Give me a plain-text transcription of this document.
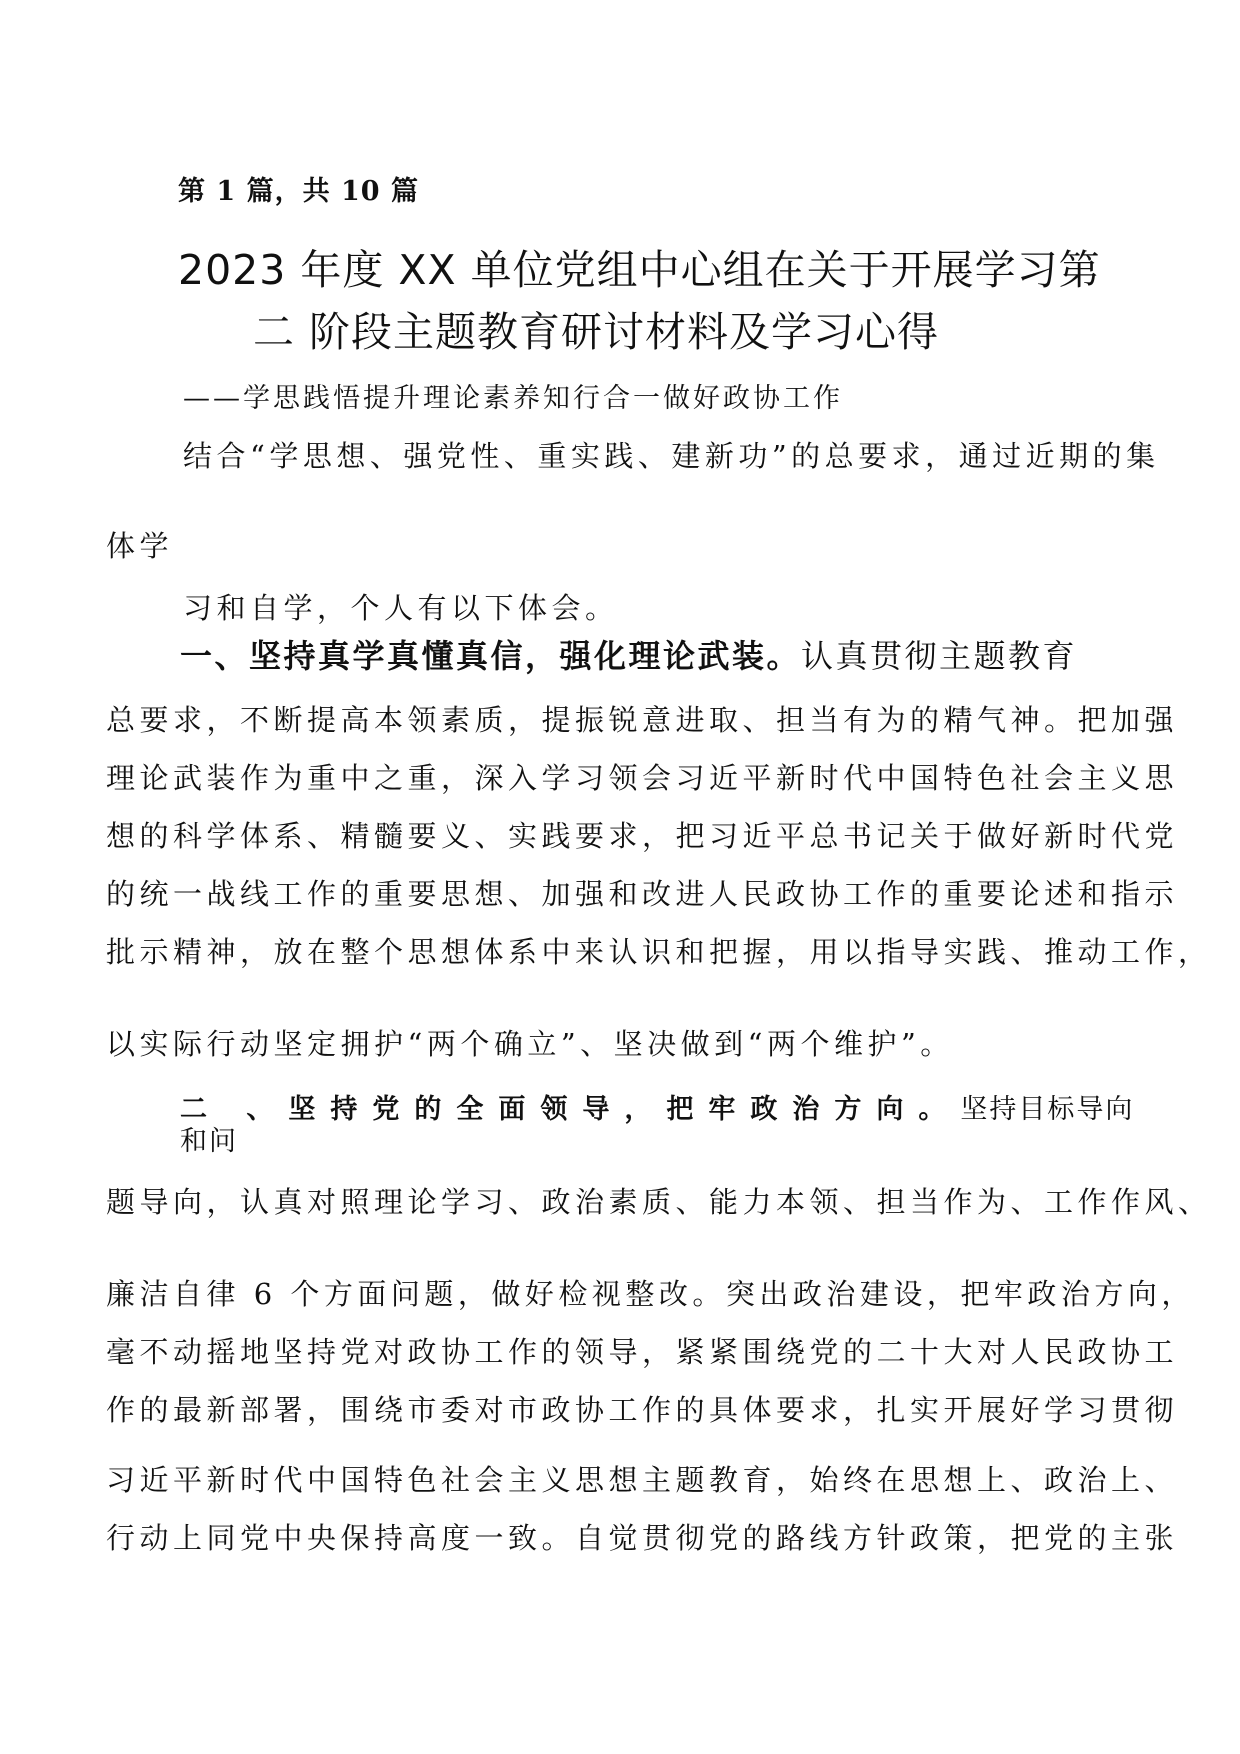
第 1 篇，共 10 篇

2023 年度 XX 单位党组中心组在关于开展学习第
二 阶段主题教育研讨材料及学习心得

——学思践悟提升理论素养知行合一做好政协工作

结合“学思想、强党性、重实践、建新功”的总要求，通过近期的集

体学

习和自学，个人有以下体会。

一、坚持真学真懂真信，强化理论武装。认真贯彻主题教育

总要求，不断提高本领素质，提振锐意进取、担当有为的精气神。把加强

理论武装作为重中之重，深入学习领会习近平新时代中国特色社会主义思

想的科学体系、精髓要义、实践要求，把习近平总书记关于做好新时代党

的统一战线工作的重要思想、加强和改进人民政协工作的重要论述和指示

批示精神，放在整个思想体系中来认识和把握，用以指导实践、推动工作，

以实际行动坚定拥护“两个确立”、坚决做到“两个维护”。

二 、坚持党的全面领导，把牢政治方向。坚持目标导向

和问

题导向，认真对照理论学习、政治素质、能力本领、担当作为、工作作风、

廉洁自律 6 个方面问题，做好检视整改。突出政治建设，把牢政治方向，

毫不动摇地坚持党对政协工作的领导，紧紧围绕党的二十大对人民政协工

作的最新部署，围绕市委对市政协工作的具体要求，扎实开展好学习贯彻

习近平新时代中国特色社会主义思想主题教育，始终在思想上、政治上、

行动上同党中央保持高度一致。自觉贯彻党的路线方针政策，把党的主张
